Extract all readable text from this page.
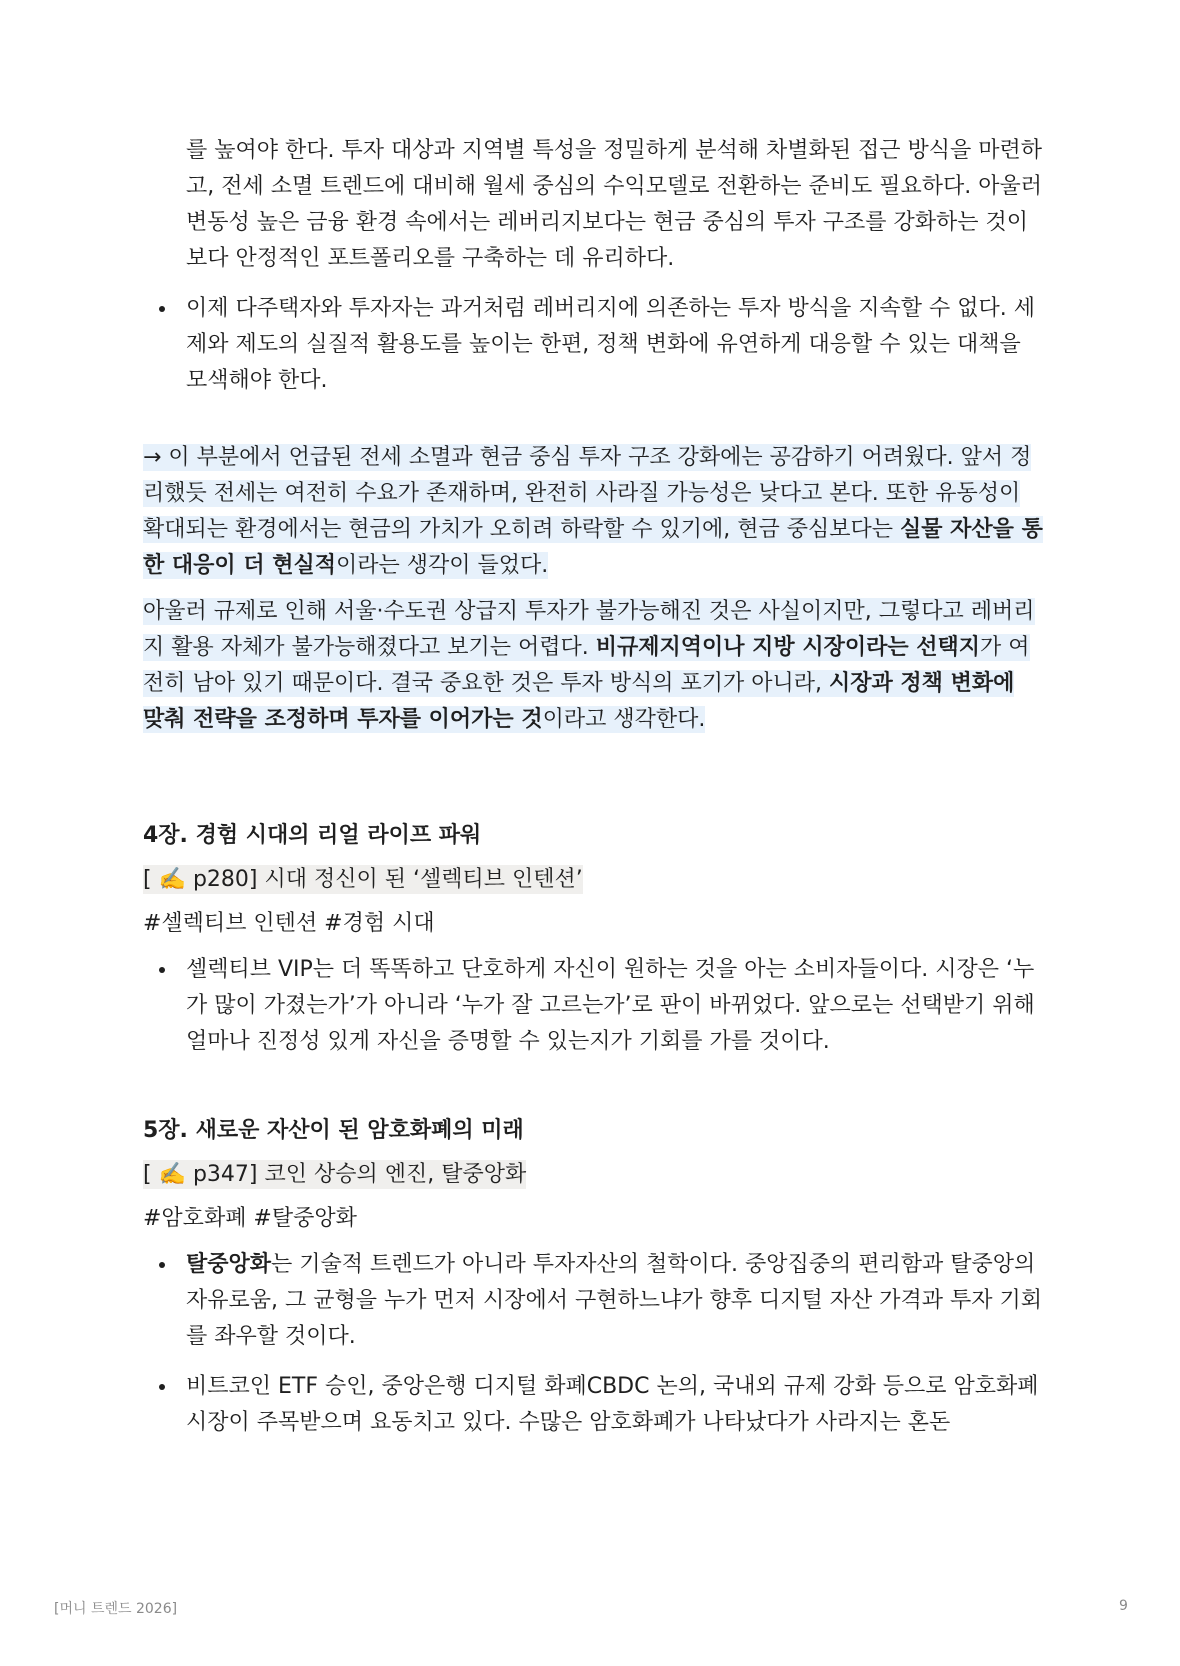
를 높여야 한다. 투자 대상과 지역별 특성을 정밀하게 분석해 차별화된 접근 방식을 마련하고, 전세 소멸 트렌드에 대비해 월세 중심의 수익모델로 전환하는 준비도 필요하다. 아울러 변동성 높은 금융 환경 속에서는 레버리지보다는 현금 중심의 투자 구조를 강화하는 것이 보다 안정적인 포트폴리오를 구축하는 데 유리하다.

이제 다주택자와 투자자는 과거처럼 레버리지에 의존하는 투자 방식을 지속할 수 없다. 세제와 제도의 실질적 활용도를 높이는 한편, 정책 변화에 유연하게 대응할 수 있는 대책을 모색해야 한다.

→ 이 부분에서 언급된 전세 소멸과 현금 중심 투자 구조 강화에는 공감하기 어려웠다. 앞서 정리했듯 전세는 여전히 수요가 존재하며, 완전히 사라질 가능성은 낮다고 본다. 또한 유동성이 확대되는 환경에서는 현금의 가치가 오히려 하락할 수 있기에, 현금 중심보다는 실물 자산을 통한 대응이 더 현실적이라는 생각이 들었다.

아울러 규제로 인해 서울·수도권 상급지 투자가 불가능해진 것은 사실이지만, 그렇다고 레버리지 활용 자체가 불가능해졌다고 보기는 어렵다. 비규제지역이나 지방 시장이라는 선택지가 여전히 남아 있기 때문이다. 결국 중요한 것은 투자 방식의 포기가 아니라, 시장과 정책 변화에 맞춰 전략을 조정하며 투자를 이어가는 것이라고 생각한다.

4장. 경험 시대의 리얼 라이프 파워

[ ✍️ p280] 시대 정신이 된 ‘셀렉티브 인텐션’

#셀렉티브 인텐션 #경험 시대

셀렉티브 VIP는 더 똑똑하고 단호하게 자신이 원하는 것을 아는 소비자들이다. 시장은 ‘누가 많이 가졌는가’가 아니라 ‘누가 잘 고르는가’로 판이 바뀌었다. 앞으로는 선택받기 위해 얼마나 진정성 있게 자신을 증명할 수 있는지가 기회를 가를 것이다.
5장. 새로운 자산이 된 암호화폐의 미래

[ ✍️ p347] 코인 상승의 엔진, 탈중앙화

#암호화폐 #탈중앙화

탈중앙화는 기술적 트렌드가 아니라 투자자산의 철학이다. 중앙집중의 편리함과 탈중앙의 자유로움, 그 균형을 누가 먼저 시장에서 구현하느냐가 향후 디지털 자산 가격과 투자 기회를 좌우할 것이다.
비트코인 ETF 승인, 중앙은행 디지털 화폐CBDC 논의, 국내외 규제 강화 등으로 암호화폐 시장이 주목받으며 요동치고 있다. 수많은 암호화폐가 나타났다가 사라지는 혼돈
[머니 트렌드 2026]	9
